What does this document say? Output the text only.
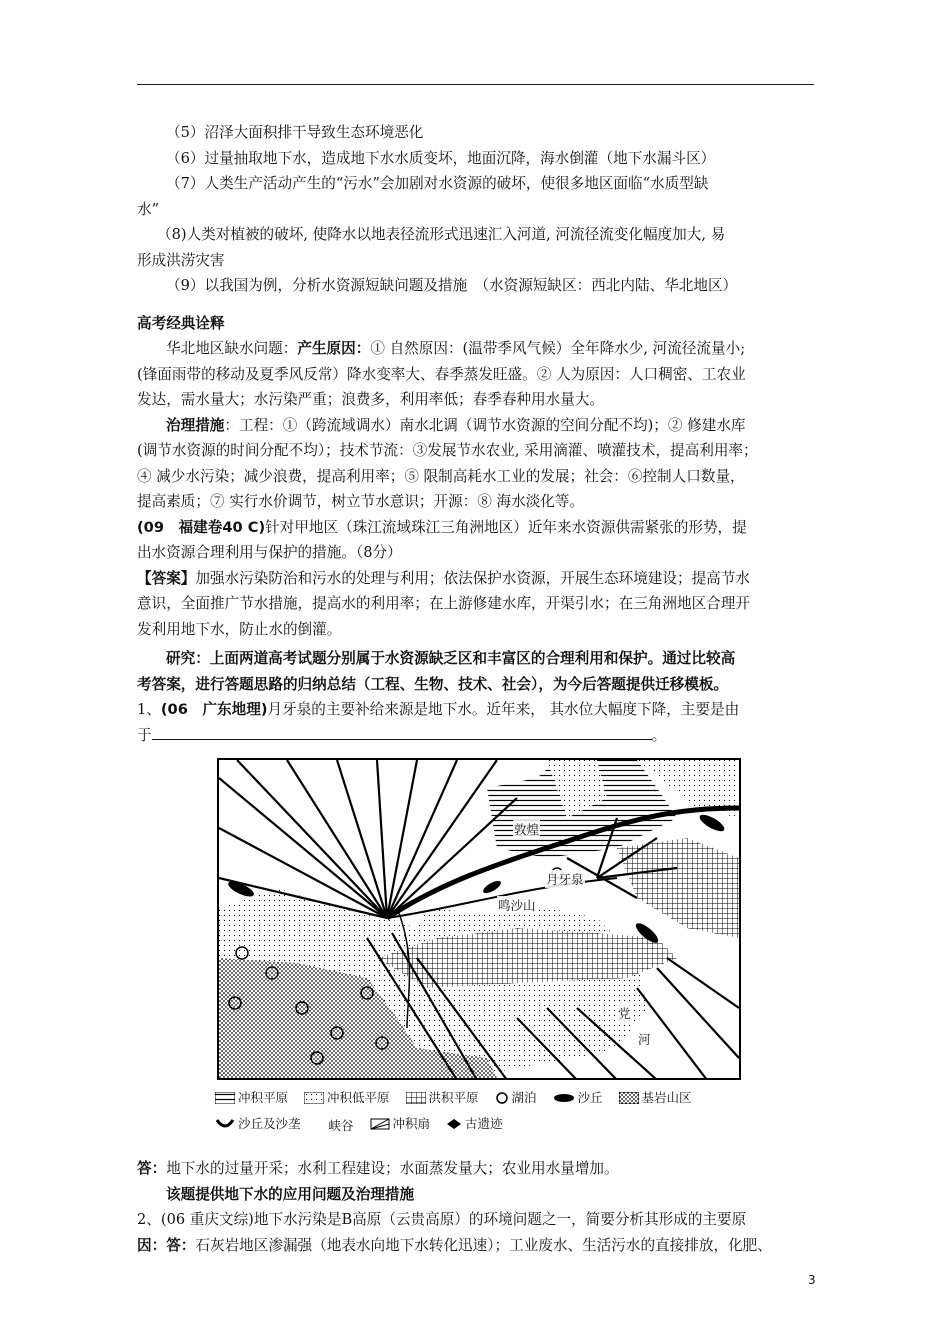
（5）沼泽大面积排干导致生态环境恶化

（6）过量抽取地下水，造成地下水水质变坏，地面沉降，海水倒灌（地下水漏斗区）

（7）人类生产活动产生的“污水”会加剧对水资源的破坏，使很多地区面临“水质型缺

水”

（8)人类对植被的破坏, 使降水以地表径流形式迅速汇入河道, 河流径流变化幅度加大, 易

形成洪涝灾害

（9）以我国为例，分析水资源短缺问题及措施　（水资源短缺区：西北内陆、华北地区）

高考经典诠释

华北地区缺水问题：产生原因：① 自然原因：(温带季风气候）全年降水少, 河流径流量小;

(锋面雨带的移动及夏季风反常）降水变率大、春季蒸发旺盛。② 人为原因：人口稠密、工农业

发达，需水量大；水污染严重；浪费多，利用率低；春季春种用水量大。

治理措施：工程：①（跨流域调水）南水北调（调节水资源的空间分配不均)；② 修建水库

(调节水资源的时间分配不均）；技术节流：③发展节水农业, 采用滴灌、喷灌技术，提高利用率；

④ 减少水污染；减少浪费，提高利用率；⑤ 限制高耗水工业的发展；社会：⑥控制人口数量，

提高素质；⑦ 实行水价调节，树立节水意识；开源：⑧ 海水淡化等。

(09　福建卷40 C)针对甲地区（珠江流域珠江三角洲地区）近年来水资源供需紧张的形势，提

出水资源合理利用与保护的措施。（8分）

【答案】加强水污染防治和污水的处理与利用；依法保护水资源，开展生态环境建设；提高节水

意识，全面推广节水措施，提高水的利用率；在上游修建水库，开渠引水；在三角洲地区合理开

发利用地下水，防止水的倒灌。

研究：上面两道高考试题分别属于水资源缺乏区和丰富区的合理利用和保护。通过比较高

考答案，进行答题思路的归纳总结（工程、生物、技术、社会），为今后答题提供迁移模板。

1、(06　广东地理)月牙泉的主要补给来源是地下水。近年来， 其水位大幅度下降，主要是由

于	。

敦煌
月牙泉
鸣沙山
党
河
冲积平原
	冲积低平原
	洪积平原
	湖泊
	沙丘
	基岩山区

沙丘及沙垄
峡谷
	冲积扇
	古遗迹

答：地下水的过量开采；水利工程建设；水面蒸发量大；农业用水量增加。

该题提供地下水的应用问题及治理措施

2、(06 重庆文综)地下水污染是B高原（云贵高原）的环境问题之一，简要分析其形成的主要原

因：答：石灰岩地区渗漏强（地表水向地下水转化迅速）；工业废水、生活污水的直接排放，化肥、

3
